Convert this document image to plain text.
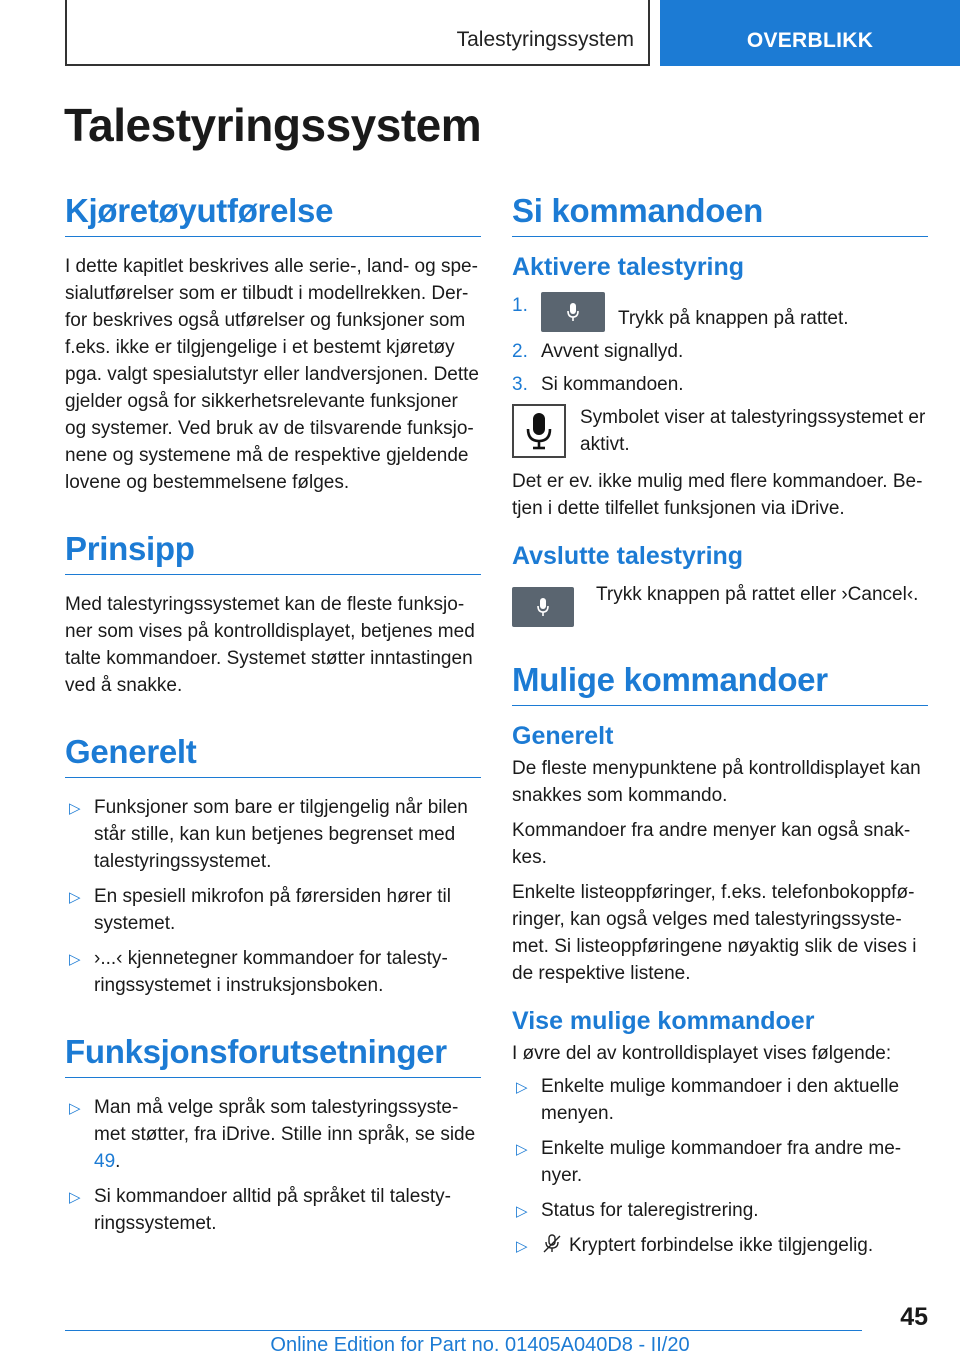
Talestyringssystem	OVERBLIKK
Talestyringssystem
Kjøretøyutførelse

I dette kapitlet beskrives alle serie-, land- og spesialutførelser som er tilbudt i modellrekken. Derfor beskrives også utførelser og funksjoner som f.eks. ikke er tilgjengelige i et bestemt kjøretøy pga. valgt spesialutstyr eller landversjonen. Dette gjelder også for sikkerhetsrelevante funksjoner og systemer. Ved bruk av de tilsvarende funksjonene og systemene må de respektive gjeldende lovene og bestemmelsene følges.

Prinsipp

Med talestyringssystemet kan de fleste funksjoner som vises på kontrolldisplayet, betjenes med talte kommandoer. Systemet støtter inntastingen ved å snakke.

Generelt
▷ Funksjoner som bare er tilgjengelig når bilen står stille, kan kun betjenes begrenset med talestyringssystemet.
▷ En spesiell mikrofon på førersiden hører til systemet.
▷ ›...‹ kjennetegner kommandoer for talestyringssystemet i instruksjonsboken.
Funksjonsforutsetninger
▷ Man må velge språk som talestyringssystemet støtter, fra iDrive. Stille inn språk, se side 49.
▷ Si kommandoer alltid på språket til talestyringssystemet.
Si kommandoen
Aktivere talestyring
1.
Trykk på knappen på rattet.
2. Avvent signallyd.
3. Si kommandoen.
Symbolet viser at talestyringssystemet er aktivt.

Det er ev. ikke mulig med flere kommandoer. Betjen i dette tilfellet funksjonen via iDrive.

Avslutte talestyring

Trykk knappen på rattet eller ›Cancel‹.

Mulige kommandoer
Generelt

De fleste menypunktene på kontrolldisplayet kan snakkes som kommando.

Kommandoer fra andre menyer kan også snakkes.

Enkelte listeoppføringer, f.eks. telefonbokoppføringer, kan også velges med talestyringssystemet. Si listeoppføringene nøyaktig slik de vises i de respektive listene.

Vise mulige kommandoer

I øvre del av kontrolldisplayet vises følgende:

▷ Enkelte mulige kommandoer i den aktuelle menyen.
▷ Enkelte mulige kommandoer fra andre menyer.
▷ Status for taleregistrering.
▷ Kryptert forbindelse ikke tilgjengelig.
45
Online Edition for Part no. 01405A040D8 - II/20
